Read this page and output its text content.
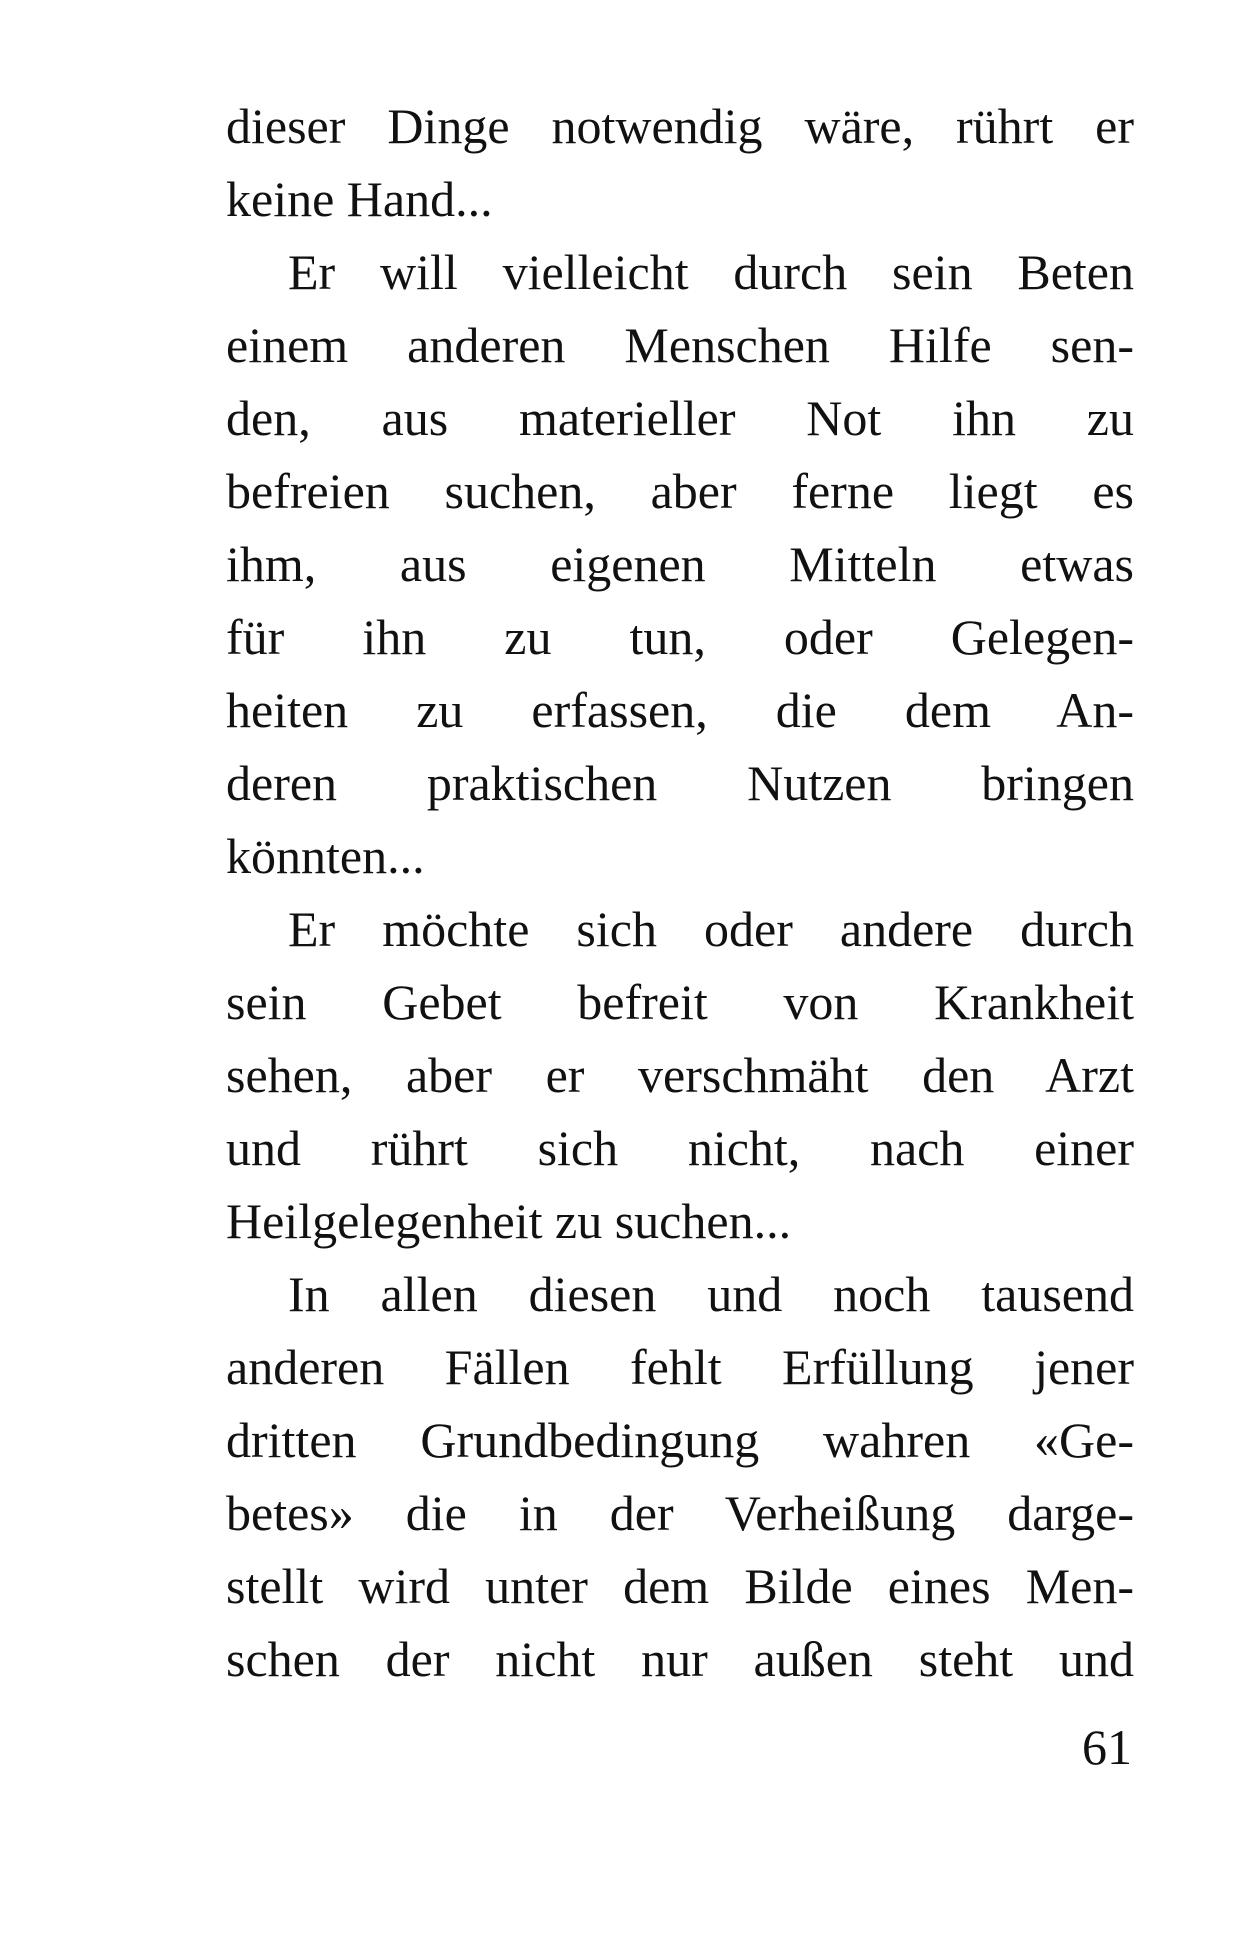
dieser Dinge notwendig wäre, rührt er
keine Hand...
Er will vielleicht durch sein Beten
einem anderen Menschen Hilfe sen-
den, aus materieller Not ihn zu
befreien suchen, aber ferne liegt es
ihm, aus eigenen Mitteln etwas
für ihn zu tun, oder Gelegen-
heiten zu erfassen, die dem An-
deren praktischen Nutzen bringen
könnten...
Er möchte sich oder andere durch
sein Gebet befreit von Krankheit
sehen, aber er verschmäht den Arzt
und rührt sich nicht, nach einer
Heilgelegenheit zu suchen...
In allen diesen und noch tausend
anderen Fällen fehlt Erfüllung jener
dritten Grundbedingung wahren «Ge-
betes» die in der Verheißung darge-
stellt wird unter dem Bilde eines Men-
schen der nicht nur außen steht und
61
